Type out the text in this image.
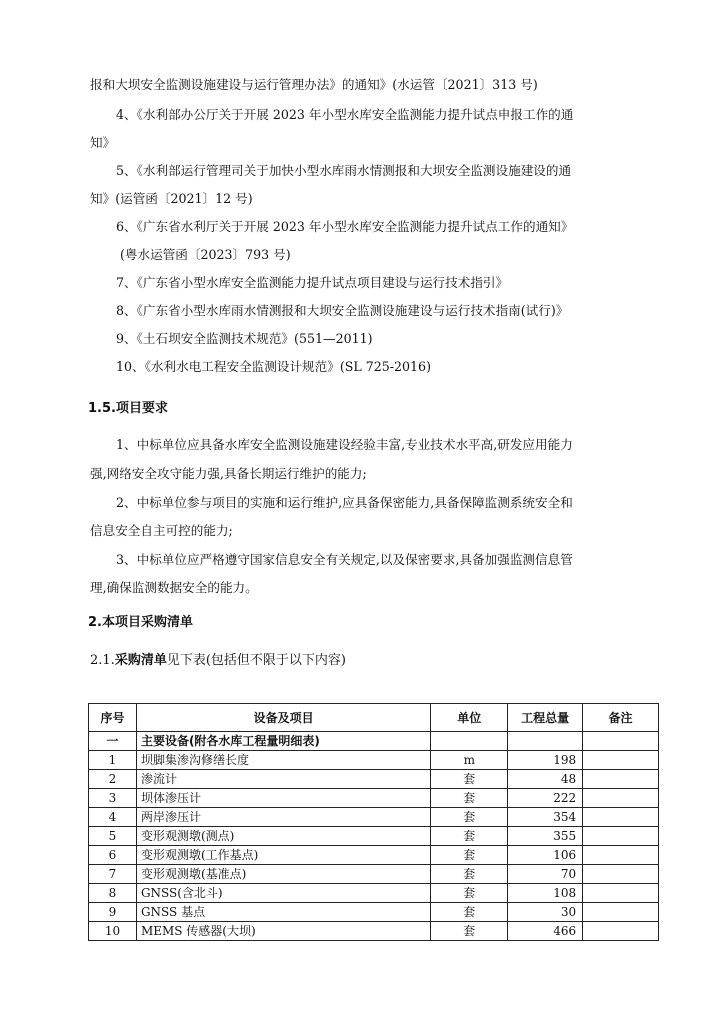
报和大坝安全监测设施建设与运行管理办法》的通知》(水运管〔2021〕313 号)
4、《水利部办公厅关于开展 2023 年小型水库安全监测能力提升试点申报工作的通
知》
5、《水利部运行管理司关于加快小型水库雨水情测报和大坝安全监测设施建设的通
知》(运管函〔2021〕12 号)
6、《广东省水利厅关于开展 2023 年小型水库安全监测能力提升试点工作的通知》
(粤水运管函〔2023〕793 号)
7、《广东省小型水库安全监测能力提升试点项目建设与运行技术指引》
8、《广东省小型水库雨水情测报和大坝安全监测设施建设与运行技术指南(试行)》
9、《土石坝安全监测技术规范》(551—2011)
10、《水利水电工程安全监测设计规范》(SL 725-2016)
1.5.项目要求
1、中标单位应具备水库安全监测设施建设经验丰富,专业技术水平高,研发应用能力
强,网络安全攻守能力强,具备长期运行维护的能力;
2、中标单位参与项目的实施和运行维护,应具备保密能力,具备保障监测系统安全和
信息安全自主可控的能力;
3、中标单位应严格遵守国家信息安全有关规定,以及保密要求,具备加强监测信息管
理,确保监测数据安全的能力。
2.本项目采购清单
2.1.采购清单见下表(包括但不限于以下内容)
序号	设备及项目	单位	工程总量	备注
一	主要设备(附各水库工程量明细表)			
1	坝脚集渗沟修缮长度	m	198	
2	渗流计	套	48	
3	坝体渗压计	套	222	
4	两岸渗压计	套	354	
5	变形观测墩(测点)	套	355	
6	变形观测墩(工作基点)	套	106	
7	变形观测墩(基准点)	套	70	
8	GNSS(含北斗)	套	108	
9	GNSS 基点	套	30	
10	MEMS 传感器(大坝)	套	466	
